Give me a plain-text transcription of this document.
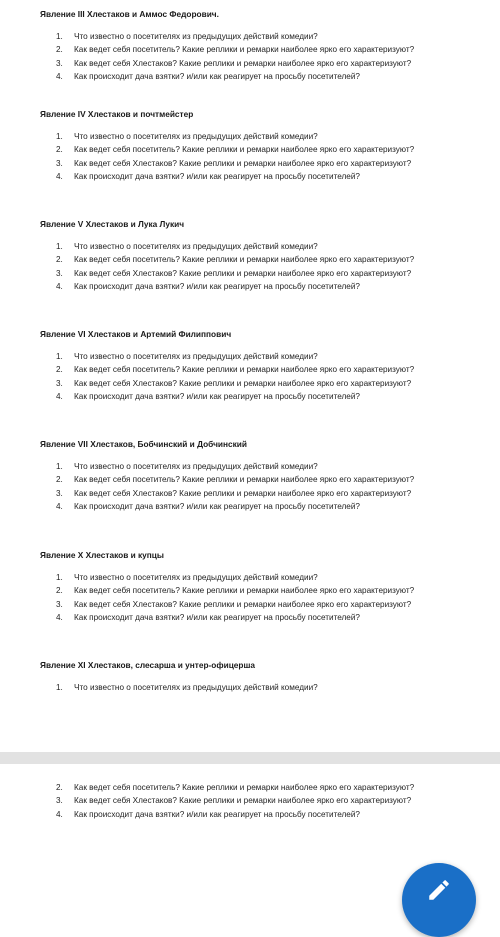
Явление III Хлестаков и Аммос Федорович.
1. Что известно о посетителях из предыдущих действий комедии?
2. Как ведет себя посетитель? Какие реплики и ремарки наиболее ярко его характеризуют?
3. Как ведет себя Хлестаков? Какие реплики и ремарки наиболее ярко его характеризуют?
4. Как происходит дача взятки? и/или как реагирует на просьбу посетителей?
Явление IV Хлестаков и почтмейстер
1. Что известно о посетителях из предыдущих действий комедии?
2. Как ведет себя посетитель? Какие реплики и ремарки наиболее ярко его характеризуют?
3. Как ведет себя Хлестаков? Какие реплики и ремарки наиболее ярко его характеризуют?
4. Как происходит дача взятки? и/или как реагирует на просьбу посетителей?
Явление V Хлестаков и Лука Лукич
1. Что известно о посетителях из предыдущих действий комедии?
2. Как ведет себя посетитель? Какие реплики и ремарки наиболее ярко его характеризуют?
3. Как ведет себя Хлестаков? Какие реплики и ремарки наиболее ярко его характеризуют?
4. Как происходит дача взятки? и/или как реагирует на просьбу посетителей?
Явление VI Хлестаков и Артемий Филиппович
1. Что известно о посетителях из предыдущих действий комедии?
2. Как ведет себя посетитель? Какие реплики и ремарки наиболее ярко его характеризуют?
3. Как ведет себя Хлестаков? Какие реплики и ремарки наиболее ярко его характеризуют?
4. Как происходит дача взятки? и/или как реагирует на просьбу посетителей?
Явление VII Хлестаков, Бобчинский и Добчинский
1. Что известно о посетителях из предыдущих действий комедии?
2. Как ведет себя посетитель? Какие реплики и ремарки наиболее ярко его характеризуют?
3. Как ведет себя Хлестаков? Какие реплики и ремарки наиболее ярко его характеризуют?
4. Как происходит дача взятки? и/или как реагирует на просьбу посетителей?
Явление X Хлестаков и купцы
1. Что известно о посетителях из предыдущих действий комедии?
2. Как ведет себя посетитель? Какие реплики и ремарки наиболее ярко его характеризуют?
3. Как ведет себя Хлестаков? Какие реплики и ремарки наиболее ярко его характеризуют?
4. Как происходит дача взятки? и/или как реагирует на просьбу посетителей?
Явление XI Хлестаков, слесарша и унтер-офицерша
1. Что известно о посетителях из предыдущих действий комедии?
2. Как ведет себя посетитель? Какие реплики и ремарки наиболее ярко его характеризуют?
3. Как ведет себя Хлестаков? Какие реплики и ремарки наиболее ярко его характеризуют?
4. Как происходит дача взятки? и/или как реагирует на просьбу посетителей?
